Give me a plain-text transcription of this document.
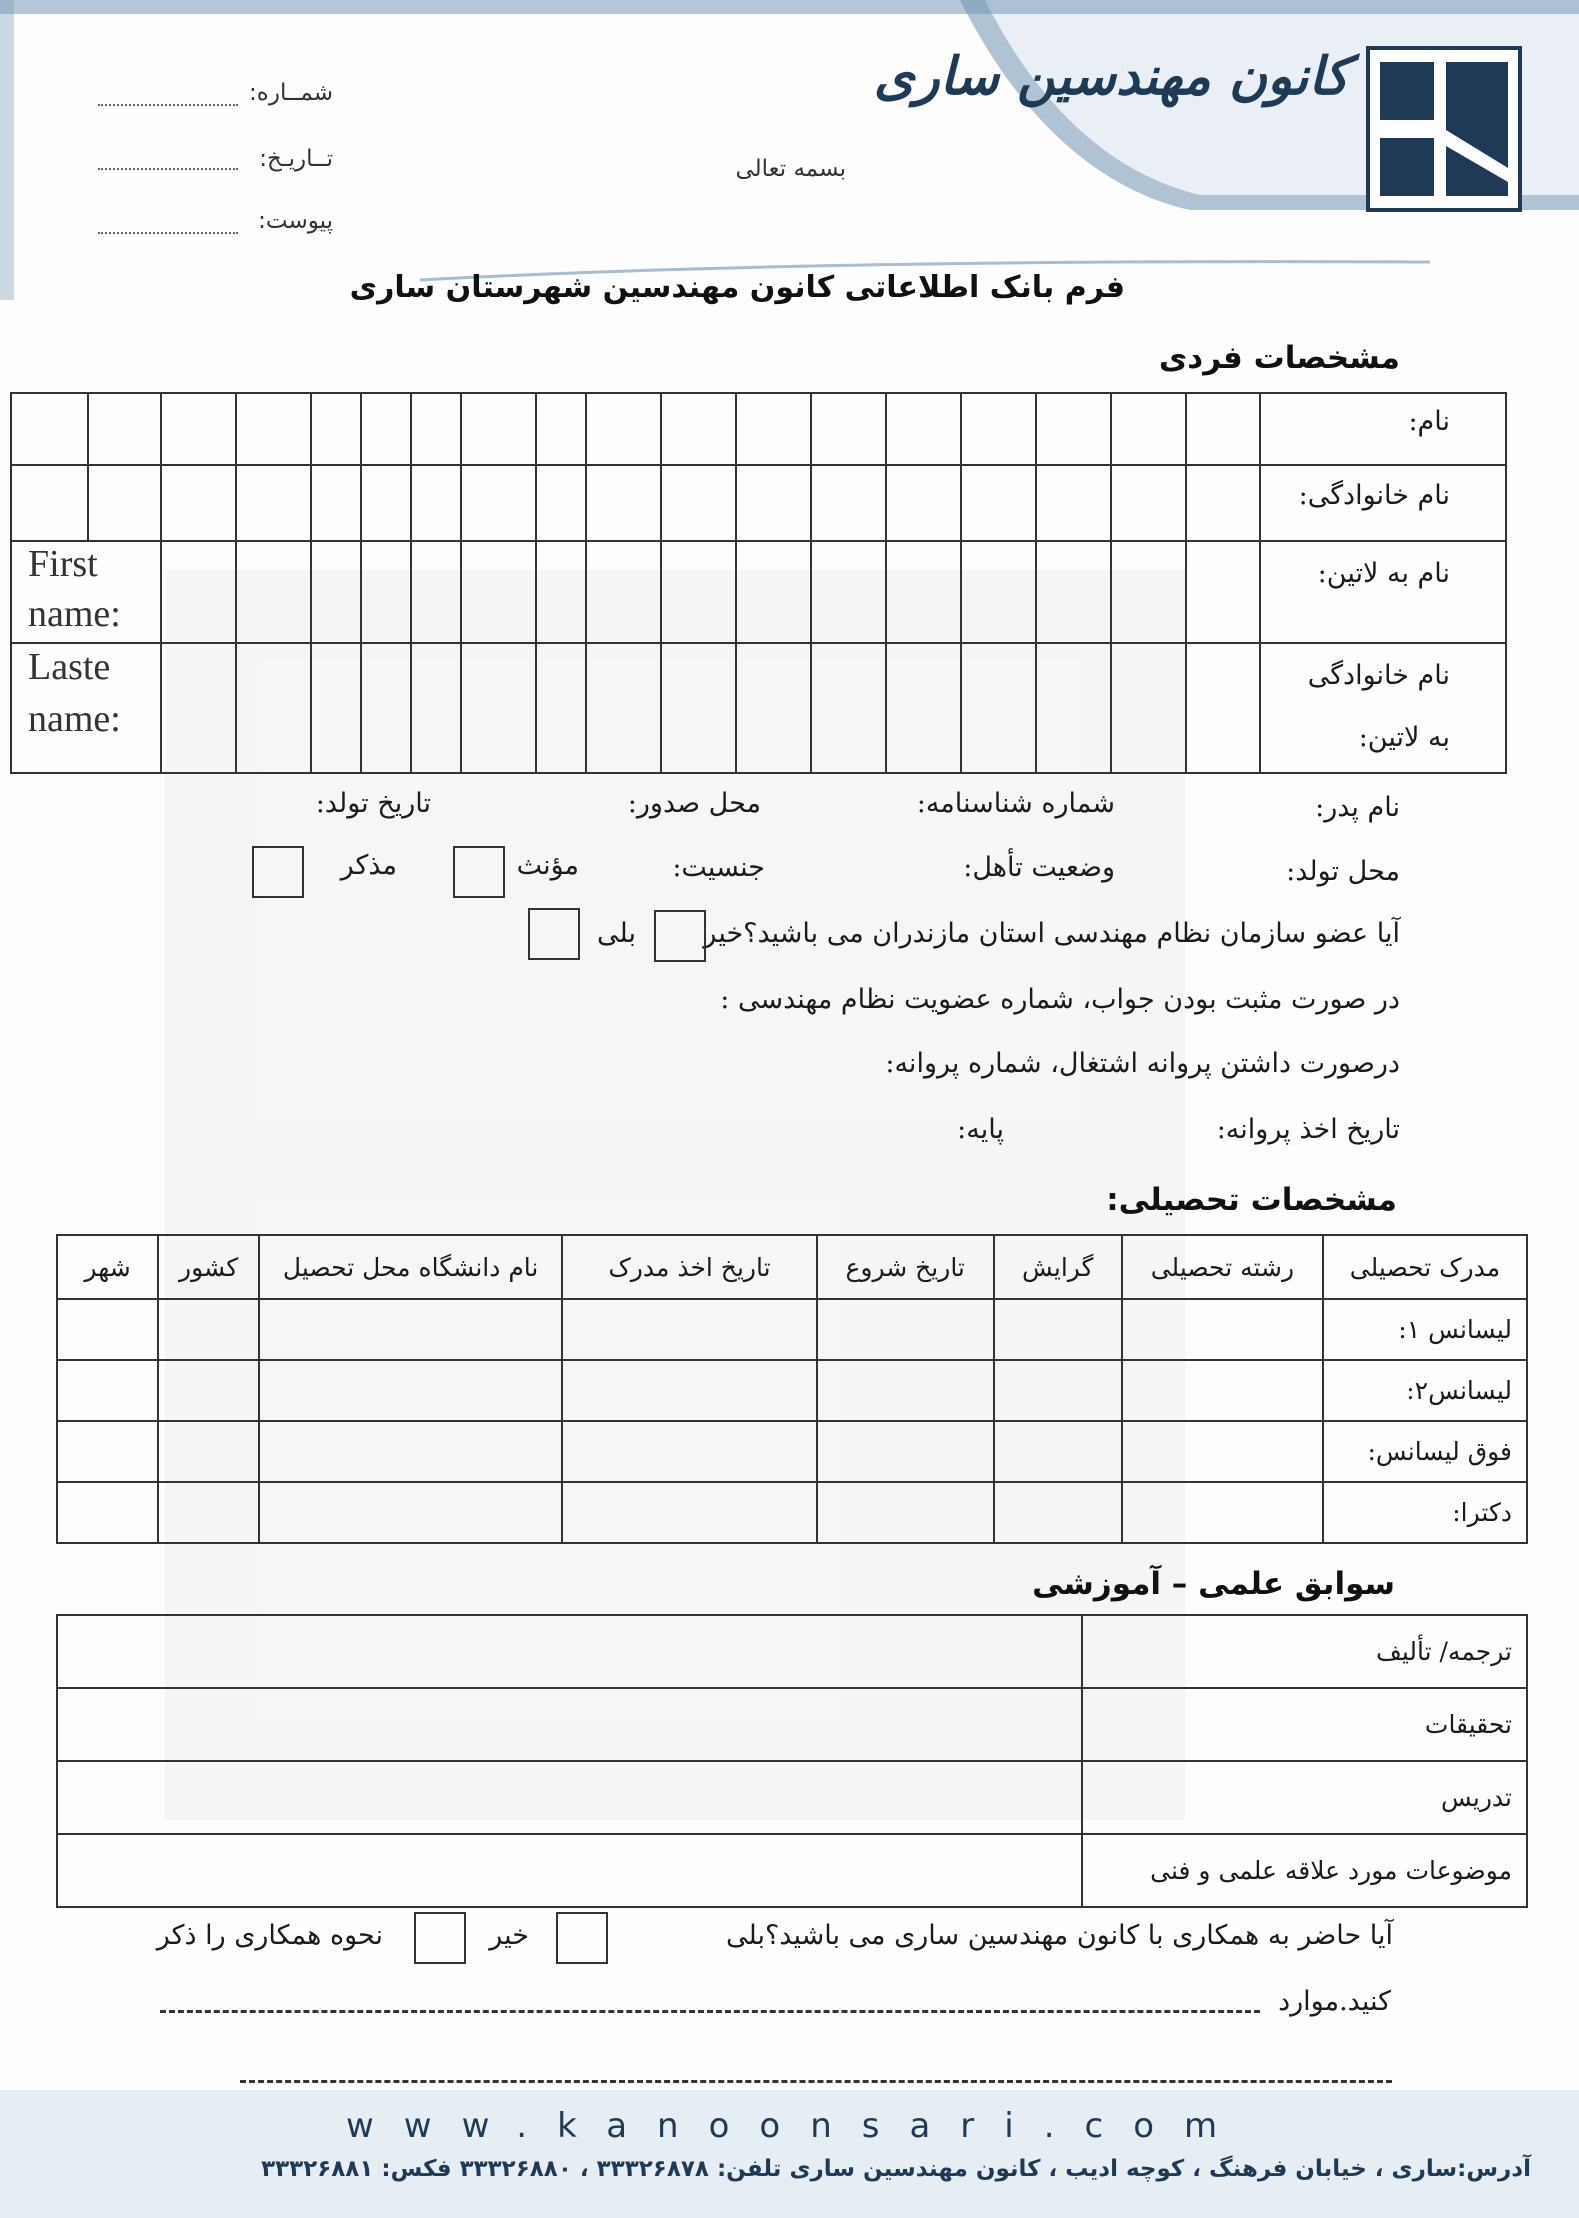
کانون مهندسین ساری
شمــاره:
تــاریـخ:
پیوست:
بسمه تعالی
فرم بانک اطلاعاتی کانون مهندسین شهرستان ساری
مشخصات فردی
نام:
نام خانوادگی:
نام به لاتین:
نام خانوادگی
به لاتین:
First
name:
Laste
name:
نام پدر:
شماره شناسنامه:
محل صدور:
تاریخ تولد:
محل تولد:
وضعیت تأهل:
جنسیت:
مؤنث
مذکر
آیا عضو سازمان نظام مهندسی استان مازندران می باشید؟خیر
بلی
در صورت مثبت بودن جواب، شماره عضویت نظام مهندسی :
درصورت داشتن پروانه اشتغال، شماره پروانه:
تاریخ اخذ پروانه:
پایه:
مشخصات تحصیلی:
مدرک تحصیلی	رشته تحصیلی	گرایش	تاریخ شروع	تاریخ اخذ مدرک	نام دانشگاه محل تحصیل	کشور	شهر
لیسانس ۱:							
لیسانس۲:							
فوق لیسانس:							
دکترا:							
سوابق علمی – آموزشی
ترجمه/ تألیف	
تحقیقات	
تدریس	
موضوعات مورد علاقه علمی و فنی	
آیا حاضر به همکاری با کانون مهندسین ساری می باشید؟بلی
خیر
نحوه همکاری را ذکر
کنید.موارد
www.kanoonsari.com
آدرس:ساری ، خیابان فرهنگ ، کوچه ادیب ، کانون مهندسین ساری تلفن: ۳۳۳۲۶۸۷۸ ، ۳۳۳۲۶۸۸۰ فکس: ۳۳۳۲۶۸۸۱
